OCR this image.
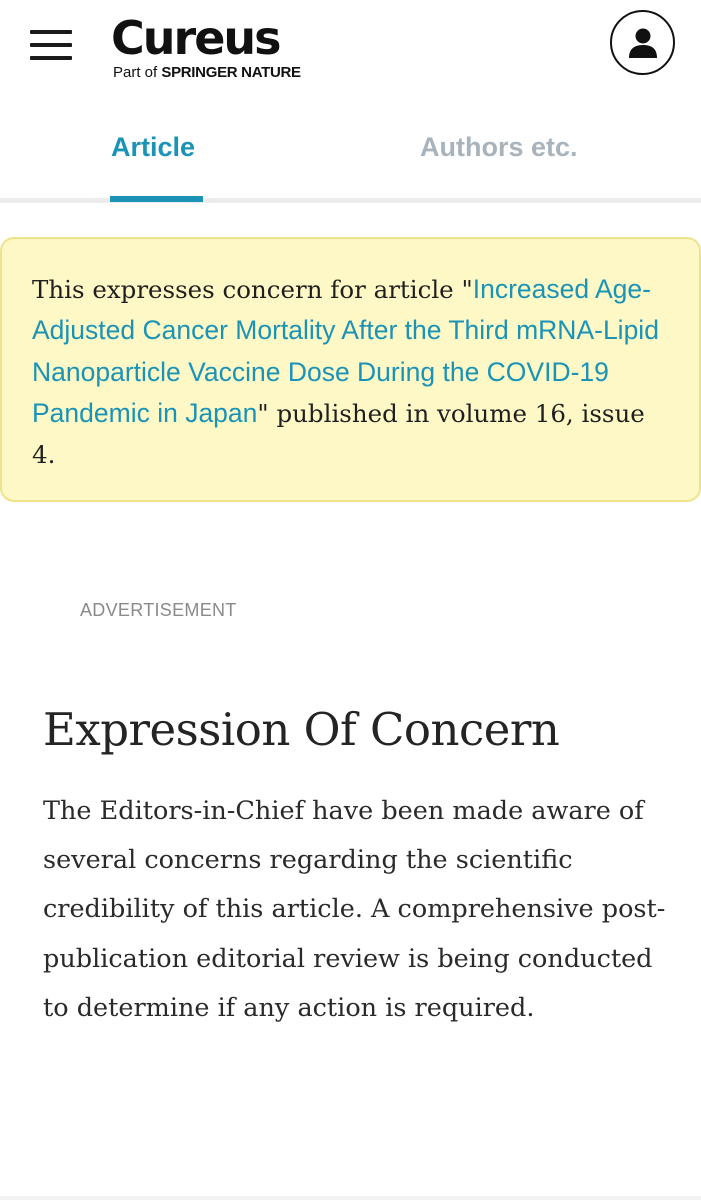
Cureus
Part of SPRINGER NATURE
Article	Authors etc.
This expresses concern for article "Increased Age-Adjusted Cancer Mortality After the Third mRNA-Lipid Nanoparticle Vaccine Dose During the COVID-19 Pandemic in Japan" published in volume 16, issue 4.
ADVERTISEMENT
Expression Of Concern

The Editors-in-Chief have been made aware of several concerns regarding the scientific credibility of this article. A comprehensive post-publication editorial review is being conducted to determine if any action is required.
